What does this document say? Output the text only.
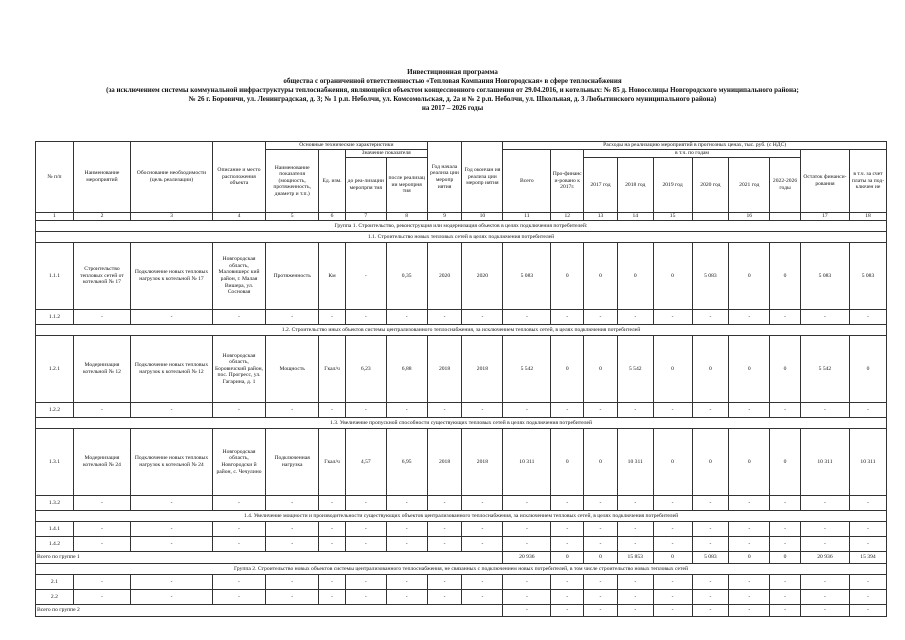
Инвестиционная программа
общества с ограниченной ответственностью «Тепловая Компания Новгородская» в сфере теплоснабжения
(за исключением системы коммунальной инфраструктуры теплоснабжения, являющейся объектом концессионного соглашения от 29.04.2016, и котельных: № 85 д. Новоселицы Новгородского муниципального района;
№ 26 г. Боровичи, ул. Ленинградская, д. 3; № 1 р.п. Неболчи, ул. Комсомольская, д. 2а и № 2 р.п. Неболчи, ул. Школьная, д. 3 Любытинского муниципального района)
на 2017 – 2026 годы
№ п/п	Наименование мероприятий	Обоснование необходимости (цель реализации)	Описание и место расположения объекта	Основные технические характеристики				Год начала реализа ции меропр иятия	Год окончан ия реализа ции меропр иятия	Расходы на реализацию мероприятий в прогнозных ценах, тыс. руб. (с НДС)									
				Наименование показателя (мощность, протяженность, диаметр и т.п.)	Ед. изм.	Значение показателя				Всего	Про-финанс и-ровано к 2017г.	в т.ч. по годам						Остаток финанси-рования	в т.ч. за счет платы за под-ключен ие
						до реа-лизации меропрпя тия	после реализац ии меропрня тия					2017 год	2018 год	2019 год	2020 год	2021 год	2022-2026 годы		

1	2	3	4	5	6	7	8	9	10	11	12	13	14	15		16		17	18
Группа 1. Строительство, реконструкция или модернизация объектов в целях подключения потребителей:																			
1.1. Строительство новых тепловых сетей в целях подключения потребителей																			
1.1.1	Строительство тепловых сетей от котельной № 17	Подключение новых тепловых нагрузок к котельной № 17	Новгородская область, Маловишерс кий район, г. Малая Вишера, ул. Сосновая	Протяженность	Км	-	0,35	2020	2020	5 083	0	0	0	0	5 083	0	0	5 083	5 083
1.1.2	-	-	-	-	-	-	-	-	-	-	-	-	-	-	-	-	-	-	-
1.2. Строительство иных объектов системы централизованного теплоснабжения, за исключением тепловых сетей, в целях подключения потребителей																			
1.2.1	Модернизация котельной № 12	Подключение новых тепловых нагрузок к котельной № 12	Новгородская область, Боровичский район, пос. Прогресс, ул. Гагарина, д. 1	Мощность	Гкал/ч	6,23	6,88	2018	2018	5 542	0	0	5 542	0	0	0	0	5 542	0
1.2.2	-	-	-	-	-	-	-	-	-	-	-	-	-	-	-	-	-	-	-
1.3. Увеличение пропускной способности существующих тепловых сетей в целях подключения потребителей																			
1.3.1	Модернизация котельной № 24	Подключение новых тепловых нагрузок к котельной № 24	Новгородская область, Новгородски й район, с. Чечулино	Подключенная нагрузка	Гкал/ч	4,57	6,95	2018	2018	10 311	0	0	10 311	0	0	0	0	10 311	10 311
1.3.2	-	-	-	-	-	-	-	-	-	-	-	-	-	-	-	-	-	-	-
1.4. Увеличение мощности и производительности существующих объектов централизованного теплоснабжения, за исключением тепловых сетей, в целях подключения потребителей																			
1.4.1	-	-	-	-	-	-	-	-	-	-	-	-	-	-	-	-	-	-	-
1.4.2	-	-	-	-	-	-	-	-	-	-	-	-	-	-	-	-	-	-	-
Всего по группе 1										20 936	0	0	15 853	0	5 083	0	0	20 936	15 394
Группа 2. Строительство новых объектов системы централизованного теплоснабжения, не связанных с подключением новых потребителей, в том числе строительство новых тепловых сетей																			
2.1	-	-	-	-	-	-	-	-	-	-	-	-	-	-	-	-	-	-	-
2.2	-	-	-	-	-	-	-	-	-	-	-	-	-	-	-	-	-	-	-
Всего по группе 2										-	-	-	-	-	-	-	-	-	-
